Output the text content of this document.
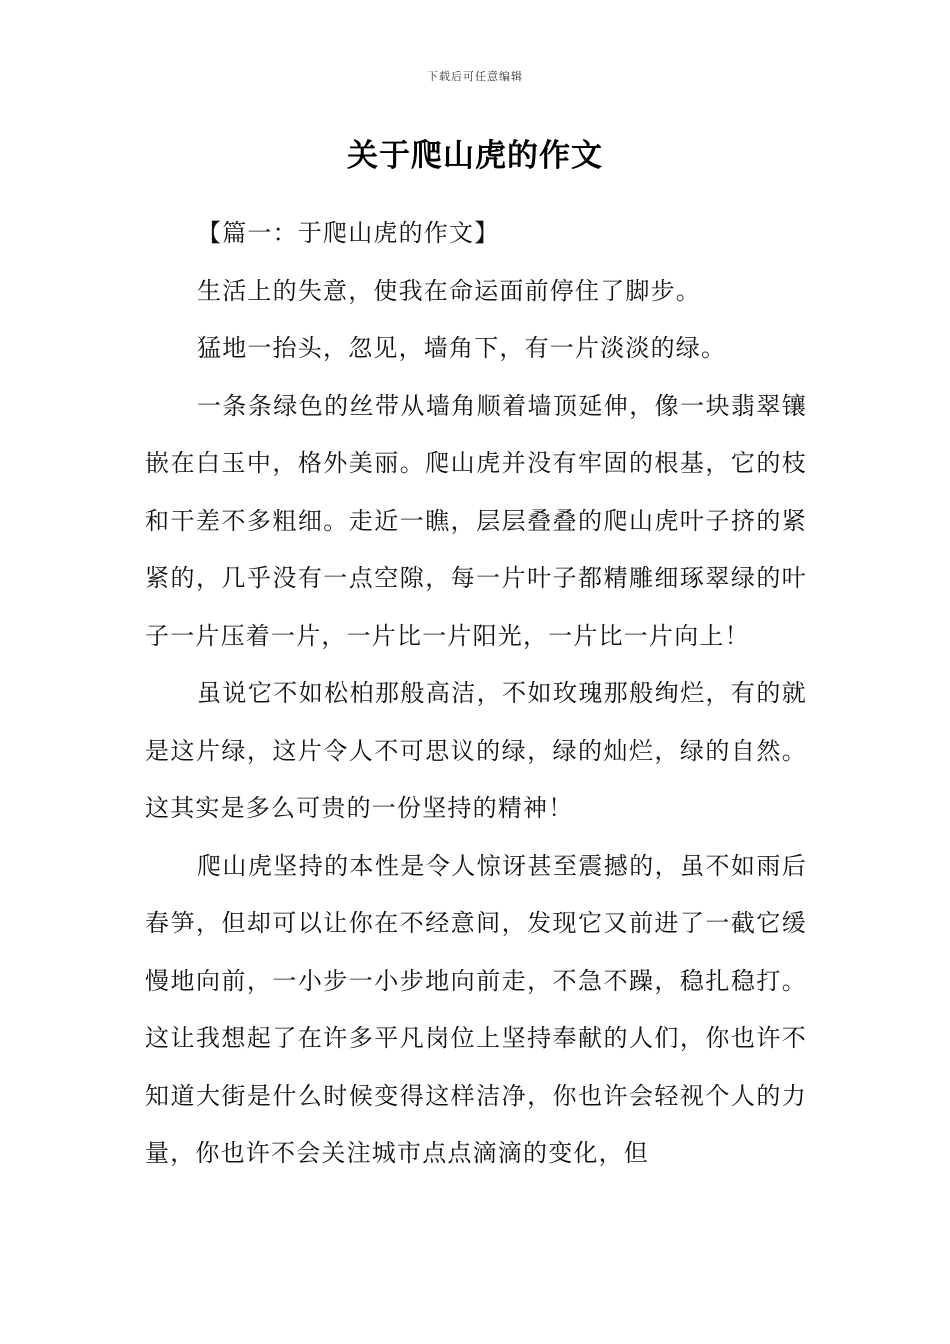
下载后可任意编辑
关于爬山虎的作文

【篇一：于爬山虎的作文】

生活上的失意，使我在命运面前停住了脚步。

猛地一抬头，忽见，墙角下，有一片淡淡的绿。

一条条绿色的丝带从墙角顺着墙顶延伸，像一块翡翠镶嵌在白玉中，格外美丽。爬山虎并没有牢固的根基，它的枝和干差不多粗细。走近一瞧，层层叠叠的爬山虎叶子挤的紧紧的，几乎没有一点空隙，每一片叶子都精雕细琢翠绿的叶子一片压着一片，一片比一片阳光，一片比一片向上！

虽说它不如松柏那般高洁，不如玫瑰那般绚烂，有的就是这片绿，这片令人不可思议的绿，绿的灿烂，绿的自然。这其实是多么可贵的一份坚持的精神！

爬山虎坚持的本性是令人惊讶甚至震撼的，虽不如雨后春笋，但却可以让你在不经意间，发现它又前进了一截它缓慢地向前，一小步一小步地向前走，不急不躁，稳扎稳打。这让我想起了在许多平凡岗位上坚持奉献的人们，你也许不知道大街是什么时候变得这样洁净，你也许会轻视个人的力量，你也许不会关注城市点点滴滴的变化，但
